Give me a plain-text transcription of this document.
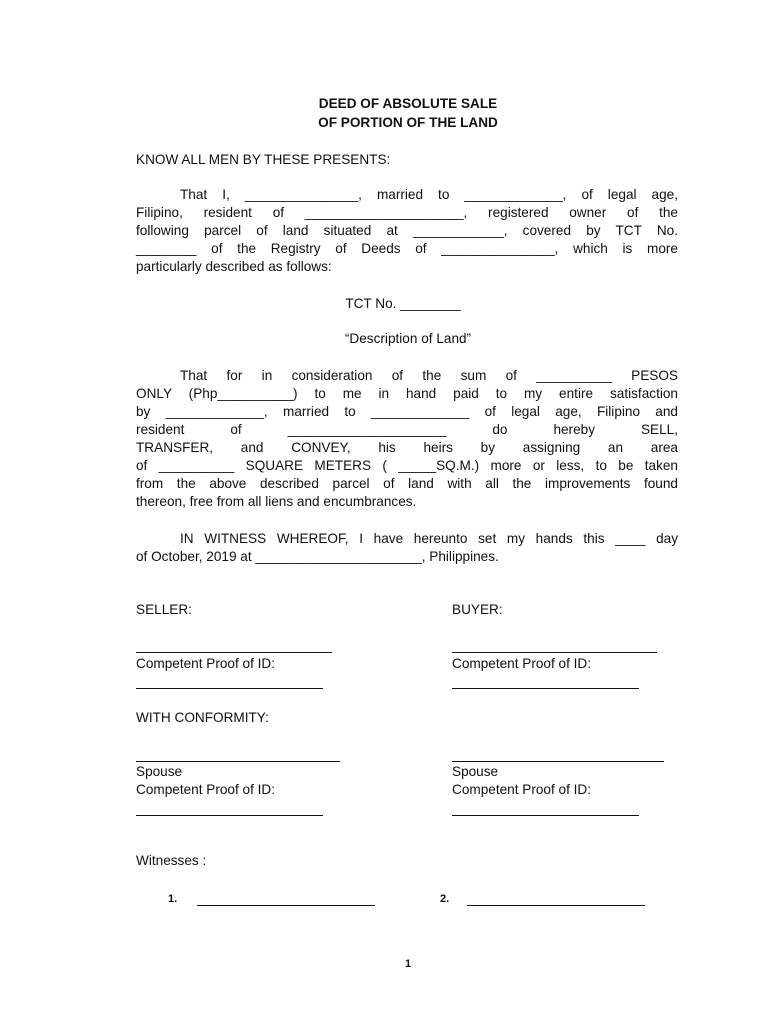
DEED OF ABSOLUTE SALE
OF PORTION OF THE LAND
KNOW ALL MEN BY THESE PRESENTS:
That I, _______________, married to _____________, of legal age,
Filipino, resident of _____________________, registered owner of the
following parcel of land situated at ____________, covered by TCT No.
________ of the Registry of Deeds of _______________, which is more
particularly described as follows:
TCT No. ________
“Description of Land”
That for in consideration of the sum of __________ PESOS
ONLY (Php__________) to me in hand paid to my entire satisfaction
by _____________, married to _____________ of legal age, Filipino and
resident of _____________________ do hereby SELL,
TRANSFER, and CONVEY, his heirs by assigning an area
of __________ SQUARE METERS ( _____SQ.M.) more or less, to be taken
from the above described parcel of land with all the improvements found
thereon, free from all liens and encumbrances.
IN WITNESS WHEREOF, I have hereunto set my hands this ____ day
of October, 2019 at ______________________, Philippines.
SELLER:	BUYER:
Competent Proof of ID:	Competent Proof of ID:
WITH CONFORMITY:
Spouse	Spouse
Competent Proof of ID:	Competent Proof of ID:
Witnesses :
1.	2.
1
